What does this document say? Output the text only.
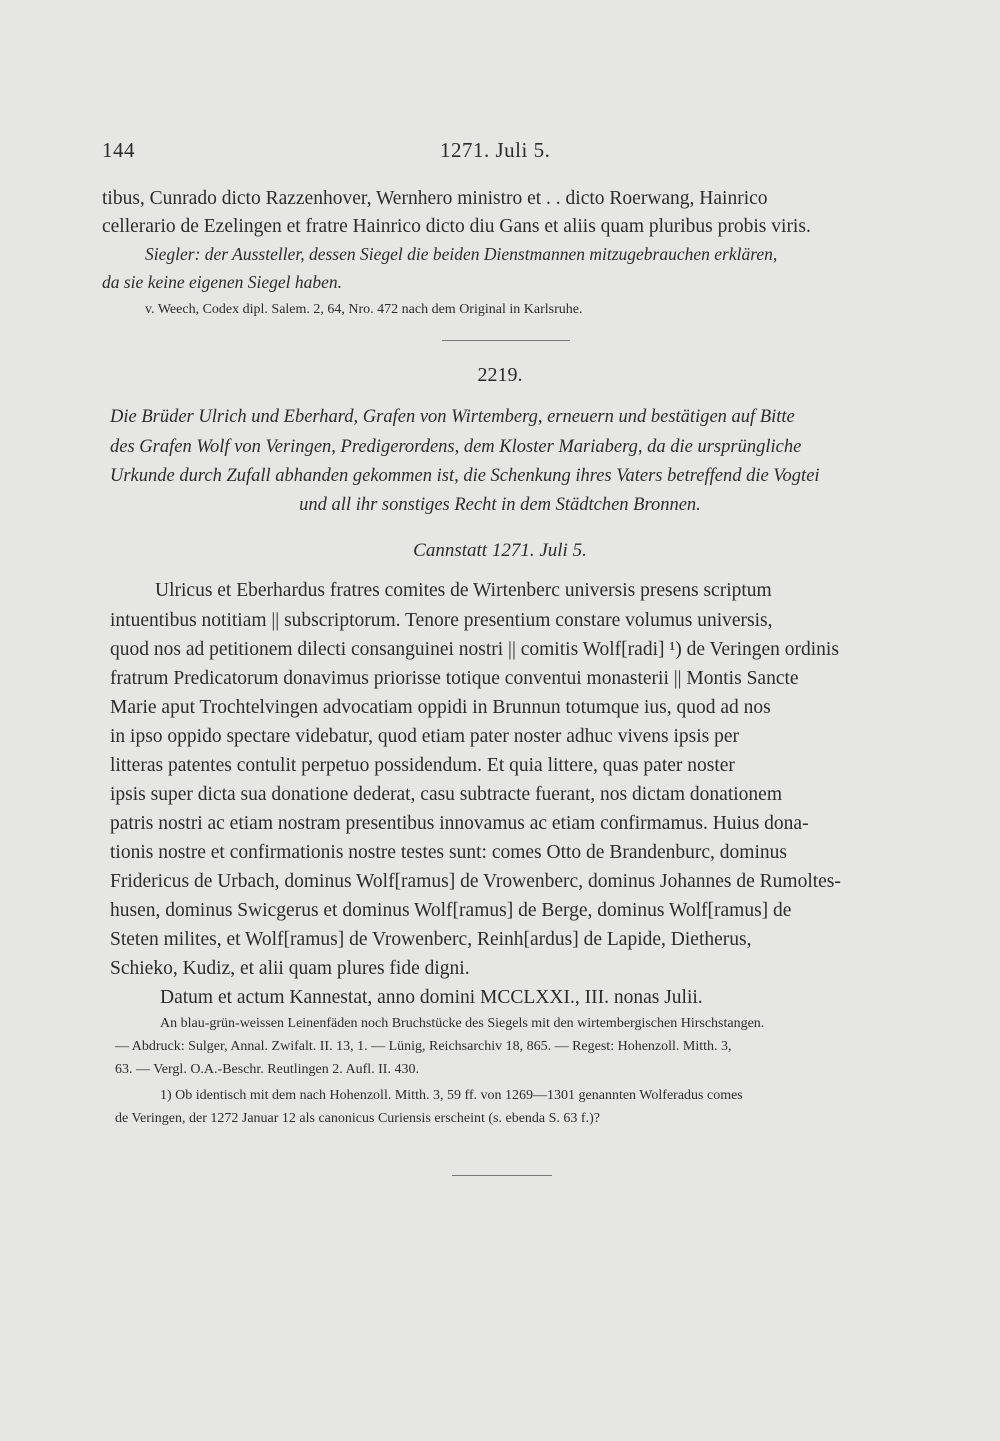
144	1271. Juli 5.
tibus, Cunrado dicto Razzenhover, Wernhero ministro et . . dicto Roerwang, Hainrico
cellerario de Ezelingen et fratre Hainrico dicto diu Gans et aliis quam pluribus probis viris.
Siegler: der Aussteller, dessen Siegel die beiden Dienstmannen mitzugebrauchen erklären,
da sie keine eigenen Siegel haben.
v. Weech, Codex dipl. Salem. 2, 64, Nro. 472 nach dem Original in Karlsruhe.
2219.
Die Brüder Ulrich und Eberhard, Grafen von Wirtemberg, erneuern und bestätigen auf Bitte
des Grafen Wolf von Veringen, Predigerordens, dem Kloster Mariaberg, da die ursprüngliche
Urkunde durch Zufall abhanden gekommen ist, die Schenkung ihres Vaters betreffend die Vogtei
und all ihr sonstiges Recht in dem Städtchen Bronnen.
Cannstatt 1271. Juli 5.
Ulricus et Eberhardus fratres comites de Wirtenberc universis presens scriptum
intuentibus notitiam || subscriptorum. Tenore presentium constare volumus universis,
quod nos ad petitionem dilecti consanguinei nostri || comitis Wolf[radi] ¹) de Veringen ordinis
fratrum Predicatorum donavimus priorisse totique conventui monasterii || Montis Sancte
Marie aput Trochtelvingen advocatiam oppidi in Brunnun totumque ius, quod ad nos
in ipso oppido spectare videbatur, quod etiam pater noster adhuc vivens ipsis per
litteras patentes contulit perpetuo possidendum. Et quia littere, quas pater noster
ipsis super dicta sua donatione dederat, casu subtracte fuerant, nos dictam donationem
patris nostri ac etiam nostram presentibus innovamus ac etiam confirmamus. Huius dona-
tionis nostre et confirmationis nostre testes sunt: comes Otto de Brandenburc, dominus
Fridericus de Urbach, dominus Wolf[ramus] de Vrowenberc, dominus Johannes de Rumoltes-
husen, dominus Swicgerus et dominus Wolf[ramus] de Berge, dominus Wolf[ramus] de
Steten milites, et Wolf[ramus] de Vrowenberc, Reinh[ardus] de Lapide, Dietherus,
Schieko, Kudiz, et alii quam plures fide digni.
Datum et actum Kannestat, anno domini MCCLXXI., III. nonas Julii.
An blau-grün-weissen Leinenfäden noch Bruchstücke des Siegels mit den wirtembergischen Hirschstangen.
— Abdruck: Sulger, Annal. Zwifalt. II. 13, 1. — Lünig, Reichsarchiv 18, 865. — Regest: Hohenzoll. Mitth. 3,
63. — Vergl. O.A.-Beschr. Reutlingen 2. Aufl. II. 430.
1) Ob identisch mit dem nach Hohenzoll. Mitth. 3, 59 ff. von 1269—1301 genannten Wolferadus comes
de Veringen, der 1272 Januar 12 als canonicus Curiensis erscheint (s. ebenda S. 63 f.)?
